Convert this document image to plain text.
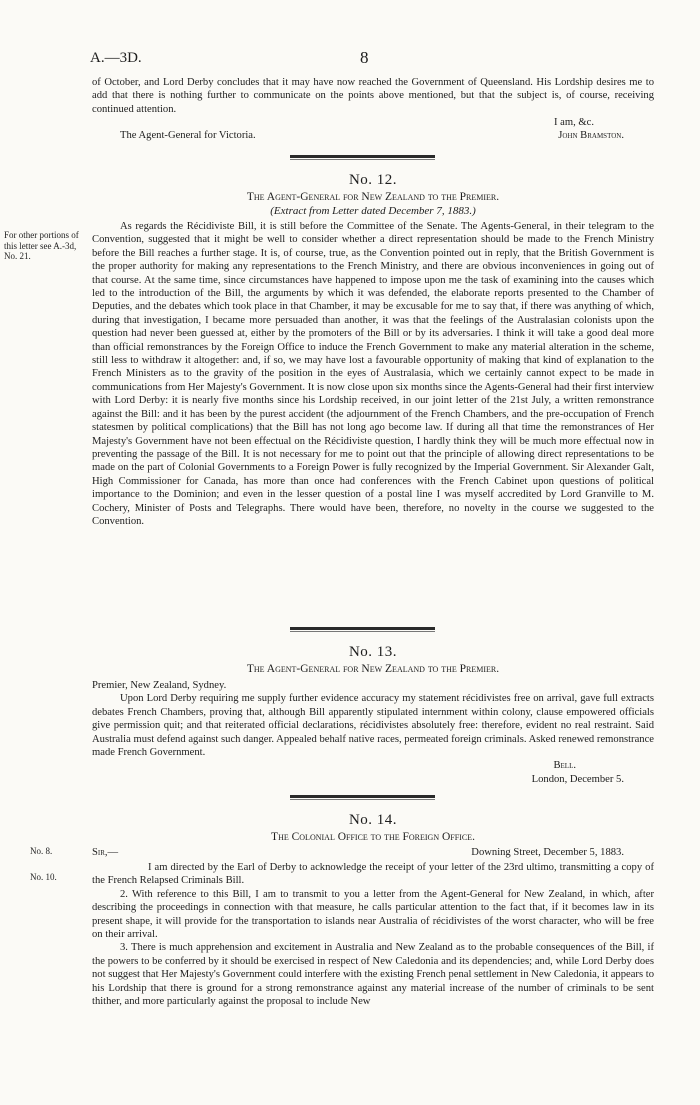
A.—3D.	8

of October, and Lord Derby concludes that it may have now reached the Government of Queensland. His Lordship desires me to add that there is nothing further to communicate on the points above mentioned, but that the subject is, of course, receiving continued attention.

I am, &c.

The Agent-General for Victoria.	John Bramston.
No. 12.
The Agent-General for New Zealand to the Premier.
(Extract from Letter dated December 7, 1883.)

As regards the Récidiviste Bill, it is still before the Committee of the Senate. The Agents-General, in their telegram to the Convention, suggested that it might be well to consider whether a direct representation should be made to the French Ministry before the Bill reaches a further stage. It is, of course, true, as the Convention pointed out in reply, that the British Government is the proper authority for making any representations to the French Ministry, and there are obvious inconveniences in going out of that course. At the same time, since circumstances have happened to impose upon me the task of examining into the causes which led to the introduction of the Bill, the arguments by which it was defended, the elaborate reports presented to the Chamber of Deputies, and the debates which took place in that Chamber, it may be excusable for me to say that, if there was anything of which, during that investigation, I became more persuaded than another, it was that the feelings of the Australasian colonists upon the question had never been guessed at, either by the promoters of the Bill or by its adversaries. I think it will take a good deal more than official remonstrances by the Foreign Office to induce the French Government to make any material alteration in the scheme, still less to withdraw it altogether: and, if so, we may have lost a favourable opportunity of making that kind of explanation to the French Ministers as to the gravity of the position in the eyes of Australasia, which we certainly cannot expect to be made in communications from Her Majesty's Government. It is now close upon six months since the Agents-General had their first interview with Lord Derby: it is nearly five months since his Lordship received, in our joint letter of the 21st July, a written remonstrance against the Bill: and it has been by the purest accident (the adjournment of the French Chambers, and the pre-occupation of French statesmen by political complications) that the Bill has not long ago become law. If during all that time the remonstrances of Her Majesty's Government have not been effectual on the Récidiviste question, I hardly think they will be much more effectual now in preventing the passage of the Bill. It is not necessary for me to point out that the principle of allowing direct representations to be made on the part of Colonial Governments to a Foreign Power is fully recognized by the Imperial Government. Sir Alexander Galt, High Commissioner for Canada, has more than once had conferences with the French Cabinet upon questions of political importance to the Dominion; and even in the lesser question of a postal line I was myself accredited by Lord Granville to M. Cochery, Minister of Posts and Telegraphs. There would have been, therefore, no novelty in the course we suggested to the Convention.

For other portions of this letter see A.-3d, No. 21.
No. 13.
The Agent-General for New Zealand to the Premier.

Premier, New Zealand, Sydney.

Upon Lord Derby requiring me supply further evidence accuracy my statement récidivistes free on arrival, gave full extracts debates French Chambers, proving that, although Bill apparently stipulated internment within colony, clause empowered officials give permission quit; and that reiterated official declarations, récidivistes absolutely free: therefore, evident no real restraint. Said Australia must defend against such danger. Appealed behalf native races, permeated foreign criminals. Asked renewed remonstrance made French Government.

Bell.

London, December 5.

No. 14.
The Colonial Office to the Foreign Office.
Sir,—	Downing Street, December 5, 1883.

I am directed by the Earl of Derby to acknowledge the receipt of your letter of the 23rd ultimo, transmitting a copy of the French Relapsed Criminals Bill.

2. With reference to this Bill, I am to transmit to you a letter from the Agent-General for New Zealand, in which, after describing the proceedings in connection with that measure, he calls particular attention to the fact that, if it becomes law in its present shape, it will provide for the transportation to islands near Australia of récidivistes of the worst character, who will be free on their arrival.

3. There is much apprehension and excitement in Australia and New Zealand as to the probable consequences of the Bill, if the powers to be conferred by it should be exercised in respect of New Caledonia and its dependencies; and, while Lord Derby does not suggest that Her Majesty's Government could interfere with the existing French penal settlement in New Caledonia, it appears to his Lordship that there is ground for a strong remonstrance against any material increase of the number of criminals to be sent thither, and more particularly against the proposal to include New

No. 8.
No. 10.
